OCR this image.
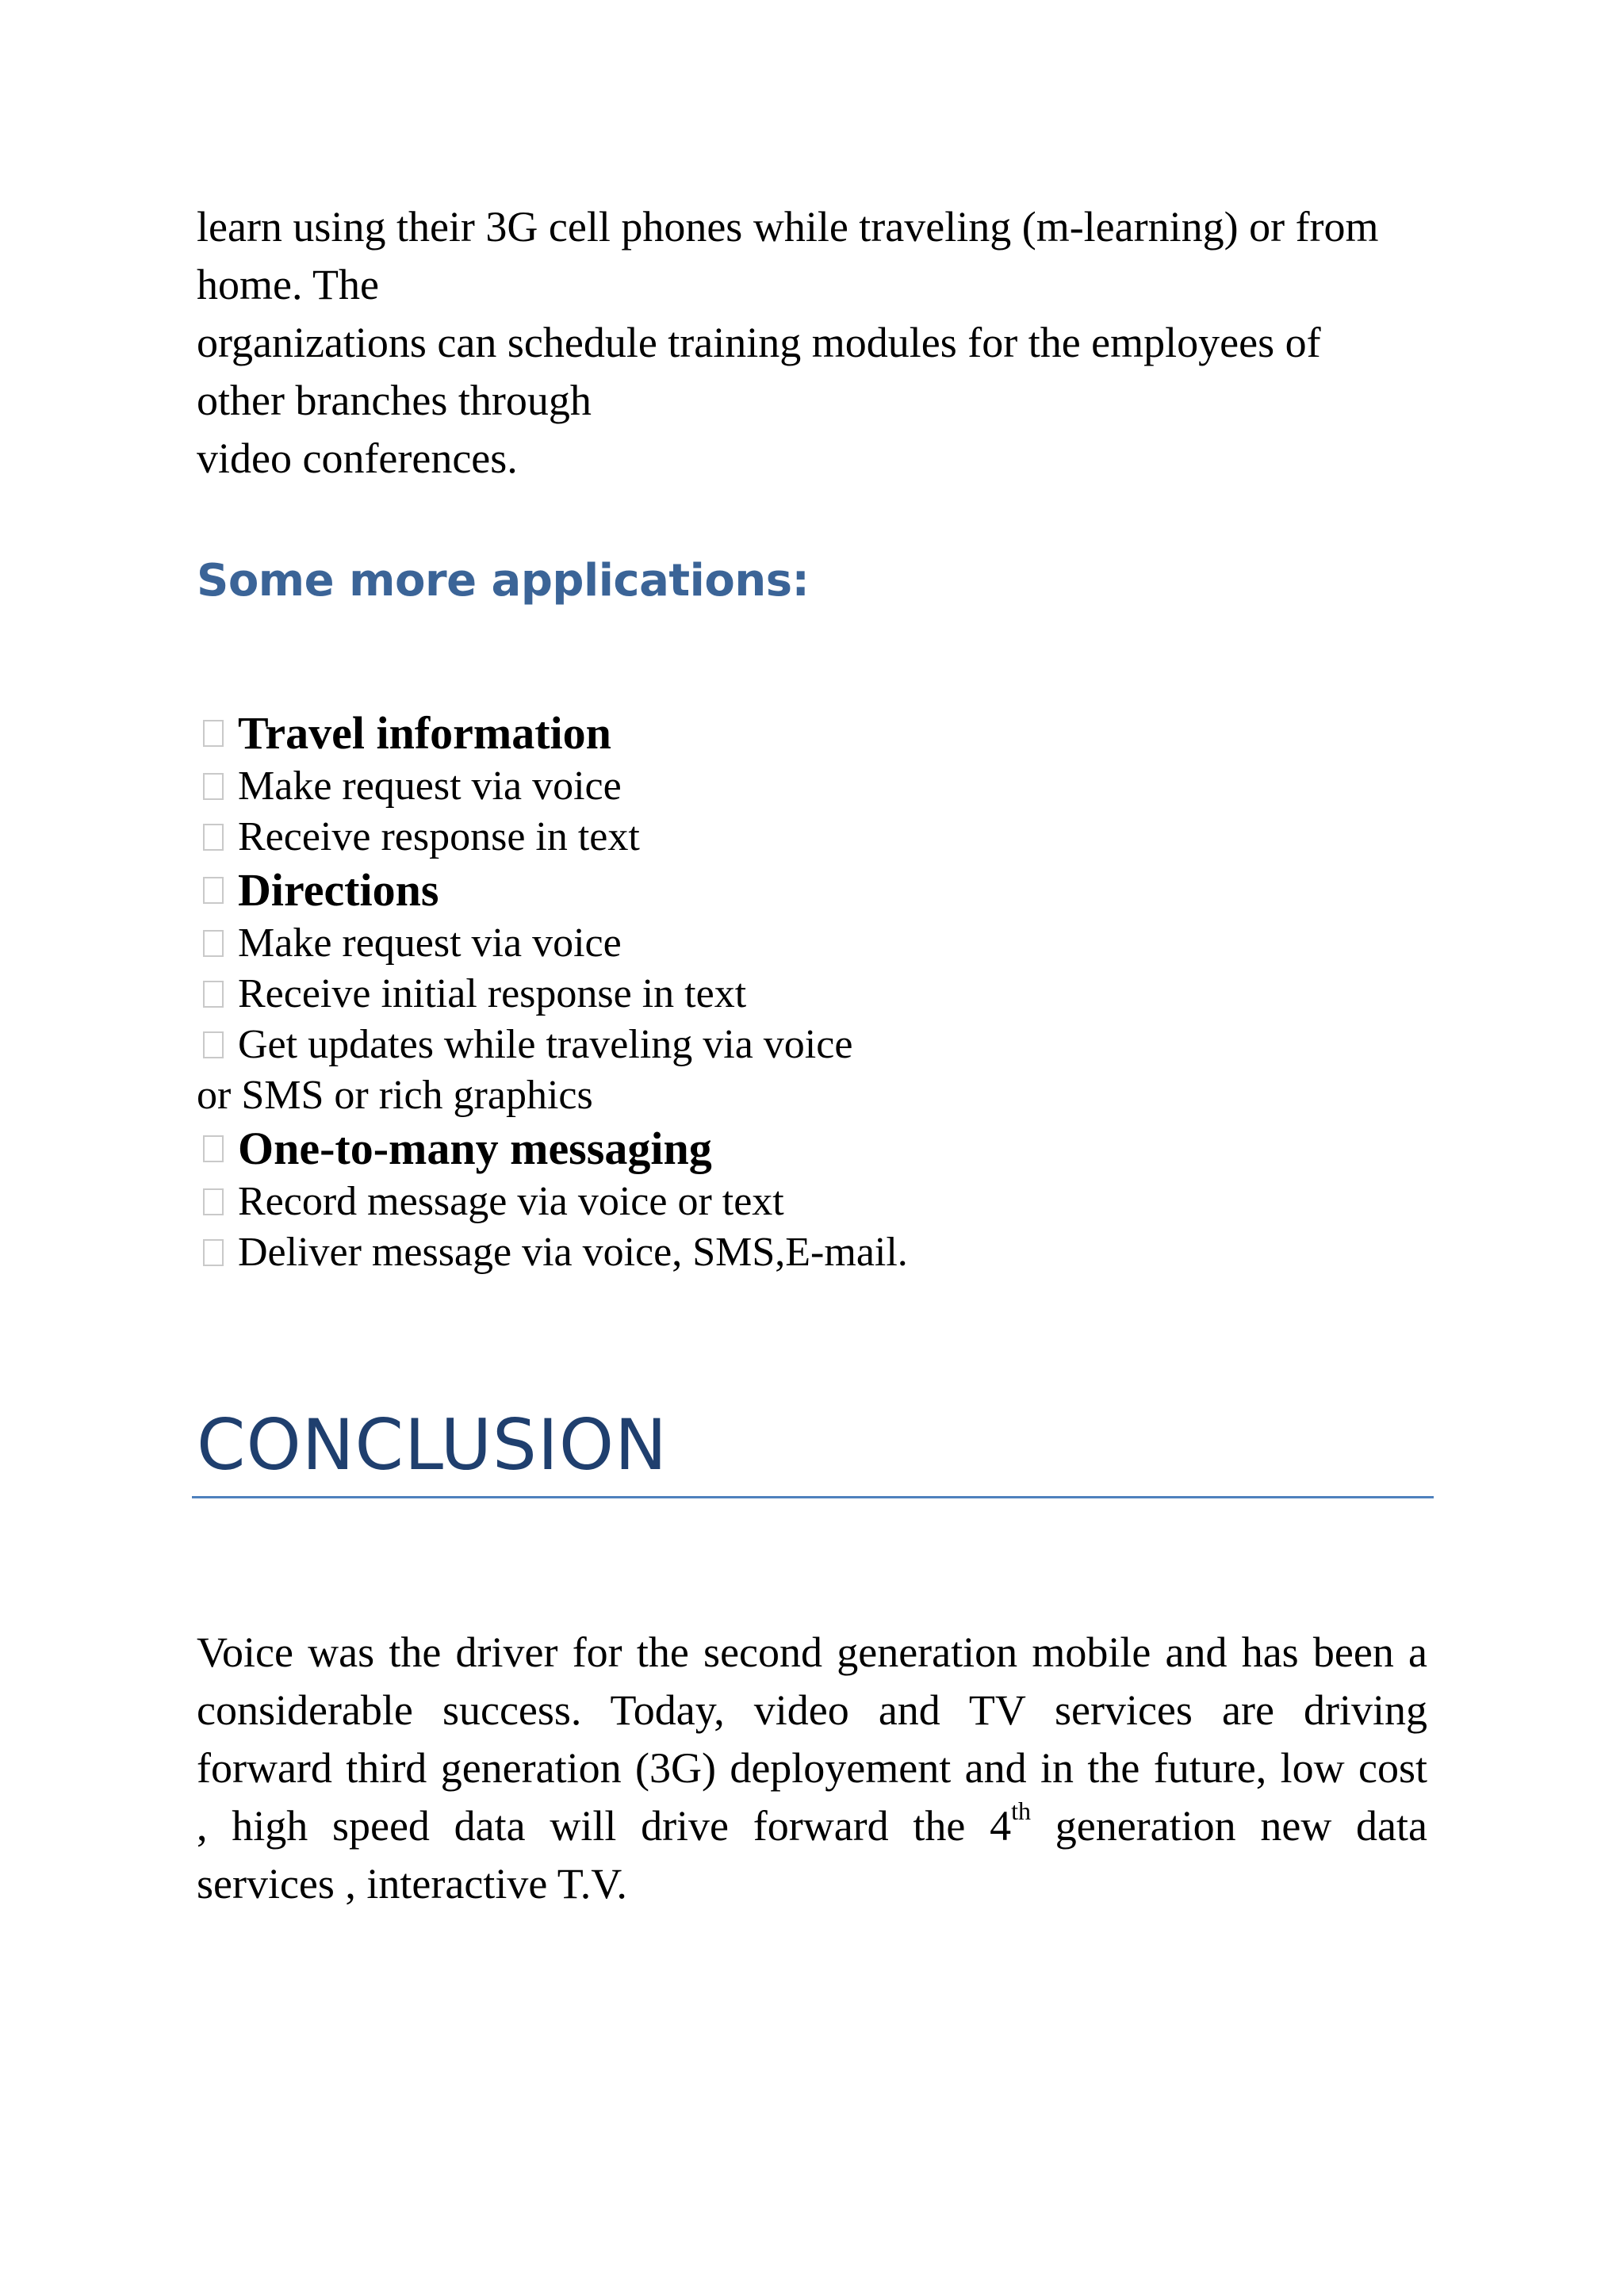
learn using their 3G cell phones while traveling (m-learning) or from
home. The
organizations can schedule training modules for the employees of
other branches through
video conferences.
Some more applications:
Travel information
Make request via voice
Receive response in text
Directions
Make request via voice
Receive initial response in text
Get updates while traveling via voice
or SMS or rich graphics
One-to-many messaging
Record message via voice or text
Deliver message via voice, SMS,E-mail.
CONCLUSION
Voice was the driver for the second generation mobile and has been a
considerable success. Today, video and TV services are driving
forward third generation (3G) deployement and in the future, low cost
, high speed data will drive forward the 4th generation new data
services , interactive T.V.
